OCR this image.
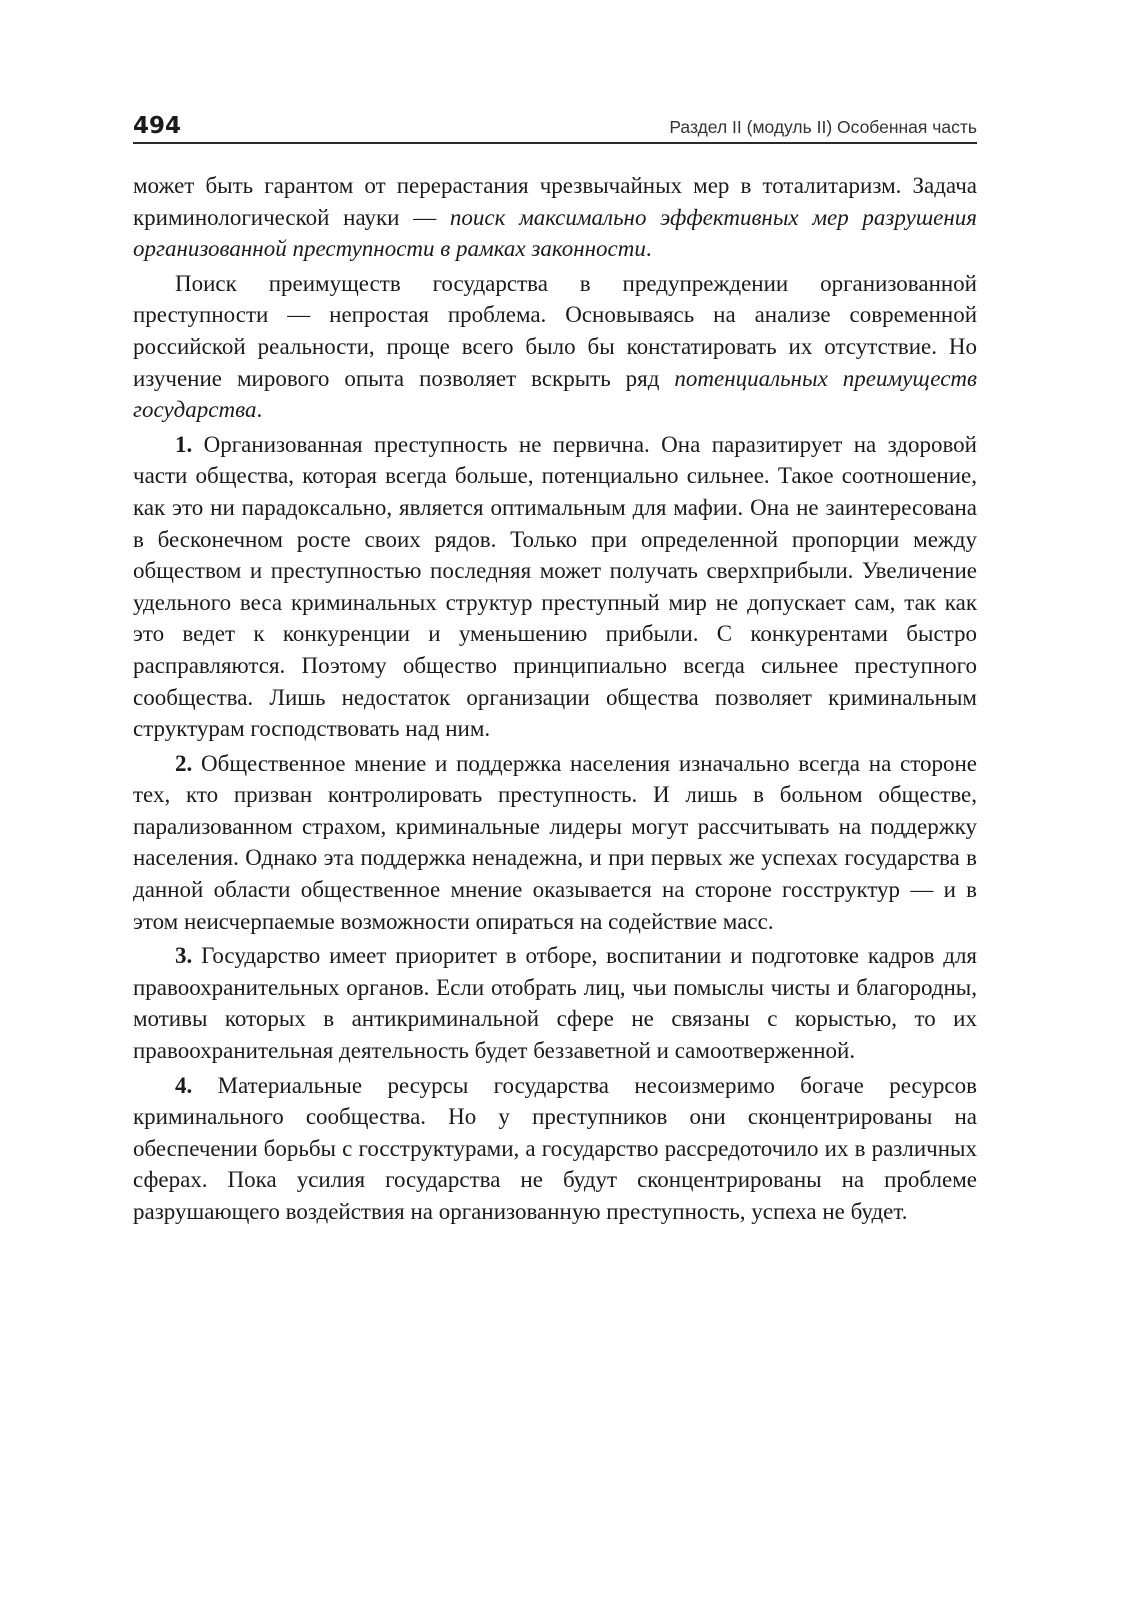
494	Раздел II (модуль II) Особенная часть

может быть гарантом от перерастания чрезвычайных мер в тоталитаризм. Задача криминологической науки — поиск максимально эффективных мер разрушения организованной преступности в рамках законности.

Поиск преимуществ государства в предупреждении организованной преступности — непростая проблема. Основываясь на анализе современной российской реальности, проще всего было бы констатировать их отсутствие. Но изучение мирового опыта позволяет вскрыть ряд потенциальных преимуществ государства.

1. Организованная преступность не первична. Она паразитирует на здоровой части общества, которая всегда больше, потенциально сильнее. Такое соотношение, как это ни парадоксально, является оптимальным для мафии. Она не заинтересована в бесконечном росте своих рядов. Только при определенной пропорции между обществом и преступностью последняя может получать сверхприбыли. Увеличение удельного веса криминальных структур преступный мир не допускает сам, так как это ведет к конкуренции и уменьшению прибыли. С конкурентами быстро расправляются. Поэтому общество принципиально всегда сильнее преступного сообщества. Лишь недостаток организации общества позволяет криминальным структурам господствовать над ним.

2. Общественное мнение и поддержка населения изначально всегда на стороне тех, кто призван контролировать преступность. И лишь в больном обществе, парализованном страхом, криминальные лидеры могут рассчитывать на поддержку населения. Однако эта поддержка ненадежна, и при первых же успехах государства в данной области общественное мнение оказывается на стороне госструктур — и в этом неисчерпаемые возможности опираться на содействие масс.

3. Государство имеет приоритет в отборе, воспитании и подготовке кадров для правоохранительных органов. Если отобрать лиц, чьи помыслы чисты и благородны, мотивы которых в антикриминальной сфере не связаны с корыстью, то их правоохранительная деятельность будет беззаветной и самоотверженной.

4. Материальные ресурсы государства несоизмеримо богаче ресурсов криминального сообщества. Но у преступников они сконцентрированы на обеспечении борьбы с госструктурами, а государство рассредоточило их в различных сферах. Пока усилия государства не будут сконцентрированы на проблеме разрушающего воздействия на организованную преступность, успеха не будет.
